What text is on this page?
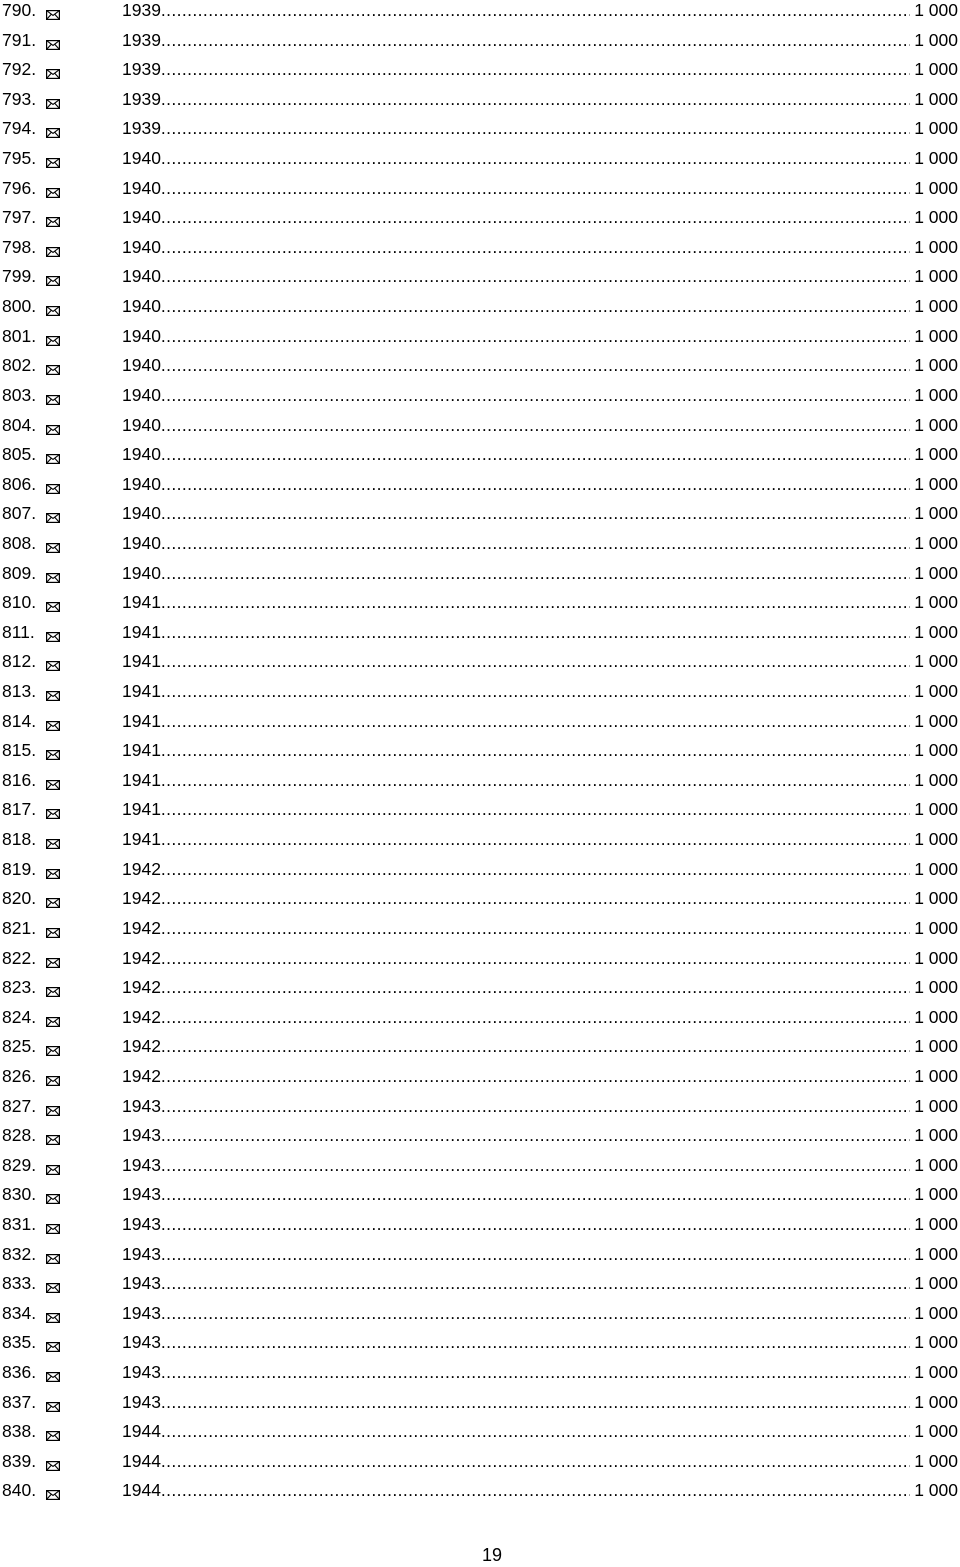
790.	1939 .....	1 000
791.	1939 .....	1 000
792.	1939 .....	1 000
793.	1939 .....	1 000
794.	1939 .....	1 000
795.	1940 .....	1 000
796.	1940 .....	1 000
797.	1940 .....	1 000
798.	1940 .....	1 000
799.	1940 .....	1 000
800.	1940 .....	1 000
801.	1940 .....	1 000
802.	1940 .....	1 000
803.	1940 .....	1 000
804.	1940 .....	1 000
805.	1940 .....	1 000
806.	1940 .....	1 000
807.	1940 .....	1 000
808.	1940 .....	1 000
809.	1940 .....	1 000
810.	1941 .....	1 000
811.	1941 .....	1 000
812.	1941 .....	1 000
813.	1941 .....	1 000
814.	1941 .....	1 000
815.	1941 .....	1 000
816.	1941 .....	1 000
817.	1941 .....	1 000
818.	1941 .....	1 000
819.	1942 .....	1 000
820.	1942 .....	1 000
821.	1942 .....	1 000
822.	1942 .....	1 000
823.	1942 .....	1 000
824.	1942 .....	1 000
825.	1942 .....	1 000
826.	1942 .....	1 000
827.	1943 .....	1 000
828.	1943 .....	1 000
829.	1943 .....	1 000
830.	1943 .....	1 000
831.	1943 .....	1 000
832.	1943 .....	1 000
833.	1943 .....	1 000
834.	1943 .....	1 000
835.	1943 .....	1 000
836.	1943 .....	1 000
837.	1943 .....	1 000
838.	1944 .....	1 000
839.	1944 .....	1 000
840.	1944 .....	1 000
19
